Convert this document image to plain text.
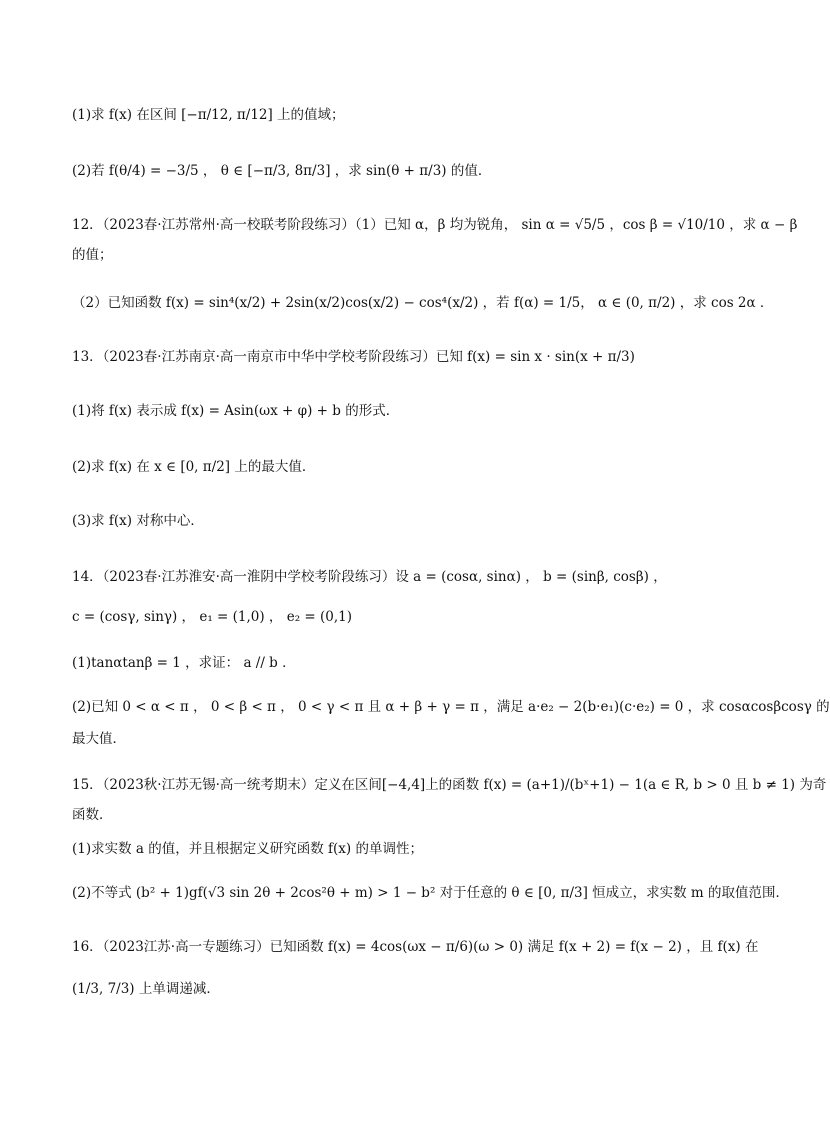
(1)求 f(x) 在区间 [−π/12, π/12] 上的值域；
(2)若 f(θ/4) = −3/5 ， θ ∈ [−π/3, 8π/3] ，求 sin(θ + π/3) 的值．
12．（2023春·江苏常州·高一校联考阶段练习）（1）已知 α，β 均为锐角， sin α = √5/5 ，cos β = √10/10 ，求 α − β
的值；
（2）已知函数 f(x) = sin⁴(x/2) + 2sin(x/2)cos(x/2) − cos⁴(x/2) ，若 f(α) = 1/5， α ∈ (0, π/2) ，求 cos 2α ．
13．（2023春·江苏南京·高一南京市中华中学校考阶段练习）已知 f(x) = sin x · sin(x + π/3)
(1)将 f(x) 表示成 f(x) = Asin(ωx + φ) + b 的形式．
(2)求 f(x) 在 x ∈ [0, π/2] 上的最大值．
(3)求 f(x) 对称中心．
14．（2023春·江苏淮安·高一淮阴中学校考阶段练习）设 a = (cosα, sinα) ， b = (sinβ, cosβ) ，
c = (cosγ, sinγ) ， e₁ = (1,0) ， e₂ = (0,1)
(1)tanαtanβ = 1 ，求证： a // b ．
(2)已知 0 < α < π ， 0 < β < π ， 0 < γ < π 且 α + β + γ = π ，满足 a·e₂ − 2(b·e₁)(c·e₂) = 0 ，求 cosαcosβcosγ 的
最大值．
15．（2023秋·江苏无锡·高一统考期末）定义在区间[−4,4]上的函数 f(x) = (a+1)/(bˣ+1) − 1(a ∈ R, b > 0 且 b ≠ 1) 为奇
函数．
(1)求实数 a 的值，并且根据定义研究函数 f(x) 的单调性；
(2)不等式 (b² + 1)gf(√3 sin 2θ + 2cos²θ + m) > 1 − b² 对于任意的 θ ∈ [0, π/3] 恒成立，求实数 m 的取值范围．
16．（2023江苏·高一专题练习）已知函数 f(x) = 4cos(ωx − π/6)(ω > 0) 满足 f(x + 2) = f(x − 2) ，且 f(x) 在
(1/3, 7/3) 上单调递减．
